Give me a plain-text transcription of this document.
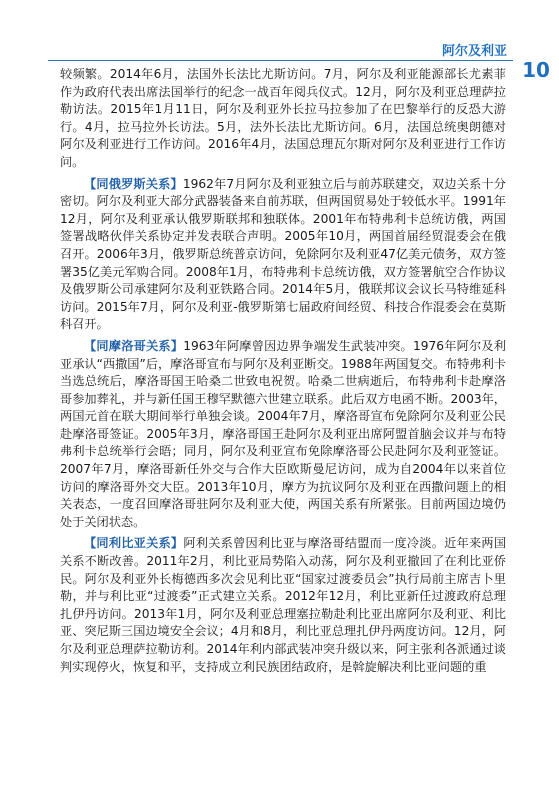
阿尔及利亚
10

较频繁。2014年6月，法国外长法比尤斯访问。7月，阿尔及利亚能源部长尤素菲作为政府代表出席法国举行的纪念一战百年阅兵仪式。12月，阿尔及利亚总理萨拉勒访法。2015年1月11日，阿尔及利亚外长拉马拉参加了在巴黎举行的反恐大游行。4月，拉马拉外长访法。5月，法外长法比尤斯访问。6月，法国总统奥朗德对阿尔及利亚进行工作访问。2016年4月，法国总理瓦尔斯对阿尔及利亚进行工作访问。

【同俄罗斯关系】1962年7月阿尔及利亚独立后与前苏联建交，双边关系十分密切。阿尔及利亚大部分武器装备来自前苏联，但两国贸易处于较低水平。1991年12月，阿尔及利亚承认俄罗斯联邦和独联体。2001年布特弗利卡总统访俄，两国签署战略伙伴关系协定并发表联合声明。2005年10月，两国首届经贸混委会在俄召开。2006年3月，俄罗斯总统普京访问，免除阿尔及利亚47亿美元债务，双方签署35亿美元军购合同。2008年1月，布特弗利卡总统访俄，双方签署航空合作协议及俄罗斯公司承建阿尔及利亚铁路合同。2014年5月，俄联邦议会议长马特维延科访问。2015年7月，阿尔及利亚-俄罗斯第七届政府间经贸、科技合作混委会在莫斯科召开。

【同摩洛哥关系】1963年阿摩曾因边界争端发生武装冲突。1976年阿尔及利亚承认“西撒国”后，摩洛哥宣布与阿尔及利亚断交。1988年两国复交。布特弗利卡当选总统后，摩洛哥国王哈桑二世致电祝贺。哈桑二世病逝后，布特弗利卡赴摩洛哥参加葬礼，并与新任国王穆罕默德六世建立联系。此后双方电函不断。2003年，两国元首在联大期间举行单独会谈。2004年7月，摩洛哥宣布免除阿尔及利亚公民赴摩洛哥签证。2005年3月，摩洛哥国王赴阿尔及利亚出席阿盟首脑会议并与布特弗利卡总统举行会晤；同月，阿尔及利亚宣布免除摩洛哥公民赴阿尔及利亚签证。2007年7月，摩洛哥新任外交与合作大臣欧斯曼尼访问，成为自2004年以来首位访问的摩洛哥外交大臣。2013年10月，摩方为抗议阿尔及利亚在西撒问题上的相关表态，一度召回摩洛哥驻阿尔及利亚大使，两国关系有所紧张。目前两国边境仍处于关闭状态。

【同利比亚关系】阿利关系曾因利比亚与摩洛哥结盟而一度冷淡。近年来两国关系不断改善。2011年2月，利比亚局势陷入动荡，阿尔及利亚撤回了在利比亚侨民。阿尔及利亚外长梅德西多次会见利比亚“国家过渡委员会”执行局前主席吉卜里勒，并与利比亚“过渡委”正式建立关系。2012年12月，利比亚新任过渡政府总理扎伊丹访问。2013年1月，阿尔及利亚总理塞拉勒赴利比亚出席阿尔及利亚、利比亚、突尼斯三国边境安全会议；4月和8月，利比亚总理扎伊丹两度访问。12月，阿尔及利亚总理萨拉勒访利。2014年利内部武装冲突升级以来，阿主张利各派通过谈判实现停火，恢复和平，支持成立利民族团结政府，是斡旋解决利比亚问题的重
